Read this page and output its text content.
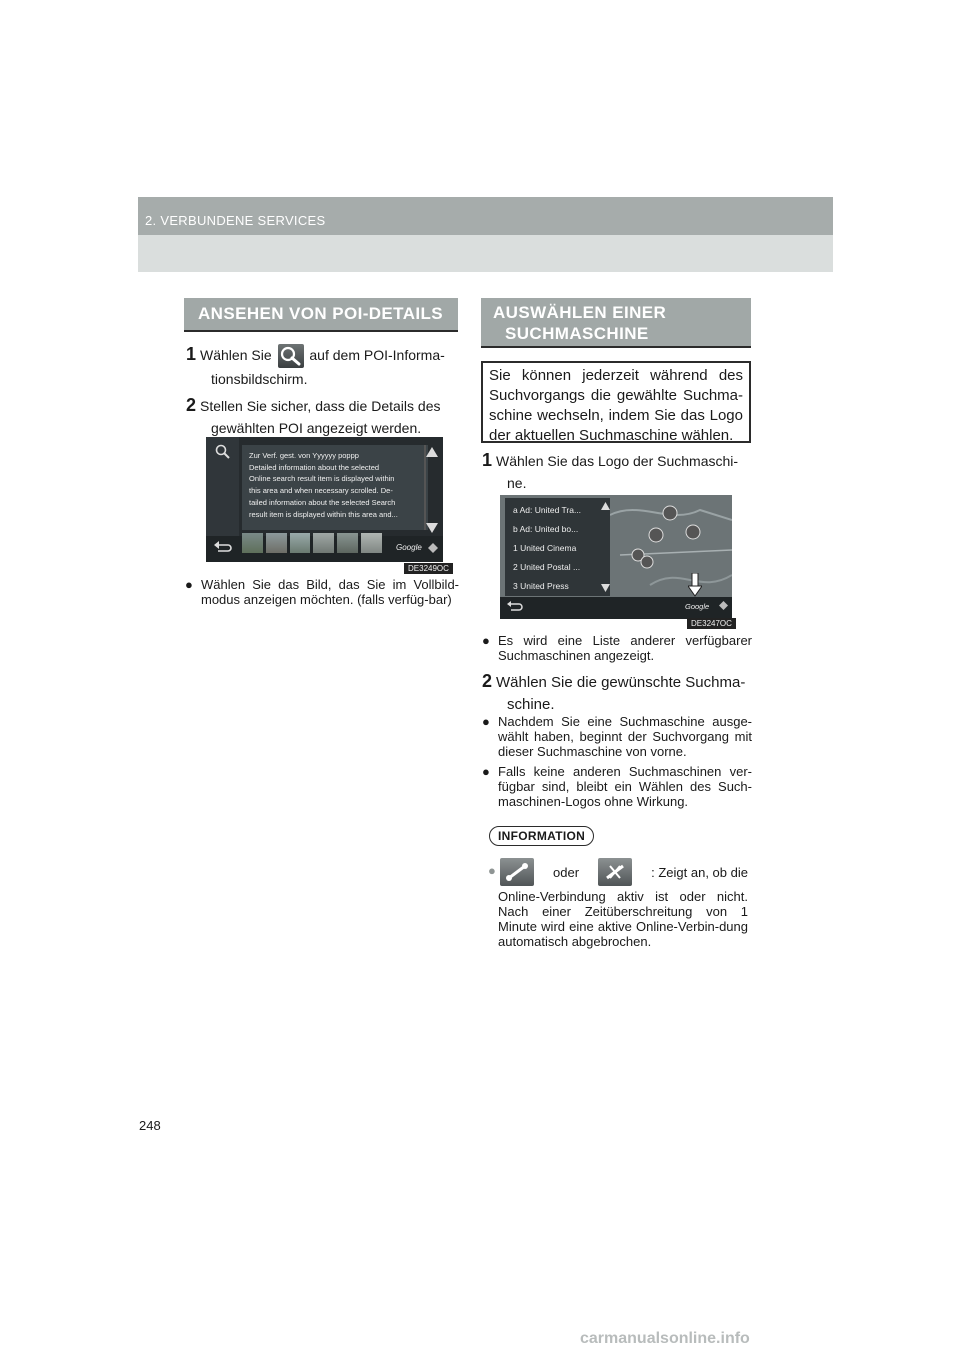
2. VERBUNDENE SERVICES
ANSEHEN VON POI-DETAILS
1 Wählen Sie	auf dem POI-Informa-
tionsbildschirm.
2 Stellen Sie sicher, dass die Details des
gewählten POI angezeigt werden.
Zur Verf. gest. von Yyyyyy poppp
Detailed information about the selected
Online search result item is displayed within
this area and when necessary scrolled. De-
tailed information about the selected Search
result item is displayed within this area and...
Google
DE3249OC
● Wählen Sie das Bild, das Sie im Vollbild-modus anzeigen möchten. (falls verfüg-bar)
AUSWÄHLEN EINER
SUCHMASCHINE
Sie können jederzeit während des Suchvorgangs die gewählte Suchma-schine wechseln, indem Sie das Logo der aktuellen Suchmaschine wählen.
1 Wählen Sie das Logo der Suchmaschi-
ne.
a Ad: United Tra...
b Ad: United bo...
1 United Cinema
2 United Postal ...
3 United Press
Google
DE3247OC
● Es wird eine Liste anderer verfügbarer Suchmaschinen angezeigt.
2 Wählen Sie die gewünschte Suchma-
schine.
● Nachdem Sie eine Suchmaschine ausge-wählt haben, beginnt der Suchvorgang mit dieser Suchmaschine von vorne.
● Falls keine anderen Suchmaschinen ver-fügbar sind, bleibt ein Wählen des Such-maschinen-Logos ohne Wirkung.
INFORMATION
●	oder	: Zeigt an, ob die
Online-Verbindung aktiv ist oder nicht. Nach einer Zeitüberschreitung von 1 Minute wird eine aktive Online-Verbin-dung automatisch abgebrochen.
248
carmanualsonline.info
